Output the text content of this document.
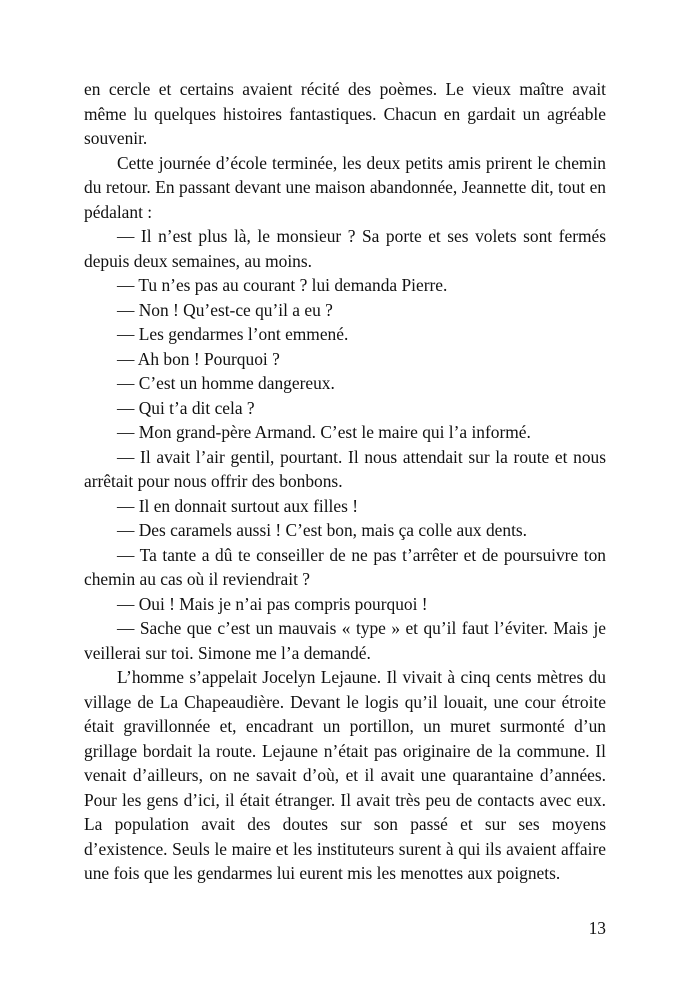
en cercle et certains avaient récité des poèmes. Le vieux maître avait même lu quelques histoires fantastiques. Chacun en gardait un agréable souvenir.

Cette journée d’école terminée, les deux petits amis prirent le chemin du retour. En passant devant une maison abandonnée, Jeannette dit, tout en pédalant :

— Il n’est plus là, le monsieur ? Sa porte et ses volets sont fermés depuis deux semaines, au moins.

— Tu n’es pas au courant ? lui demanda Pierre.

— Non ! Qu’est-ce qu’il a eu ?

— Les gendarmes l’ont emmené.

— Ah bon ! Pourquoi ?

— C’est un homme dangereux.

— Qui t’a dit cela ?

— Mon grand-père Armand. C’est le maire qui l’a informé.

— Il avait l’air gentil, pourtant. Il nous attendait sur la route et nous arrêtait pour nous offrir des bonbons.

— Il en donnait surtout aux filles !

— Des caramels aussi ! C’est bon, mais ça colle aux dents.

— Ta tante a dû te conseiller de ne pas t’arrêter et de poursuivre ton chemin au cas où il reviendrait ?

— Oui ! Mais je n’ai pas compris pourquoi !

— Sache que c’est un mauvais « type » et qu’il faut l’éviter. Mais je veillerai sur toi. Simone me l’a demandé.

L’homme s’appelait Jocelyn Lejaune. Il vivait à cinq cents mètres du village de La Chapeaudière. Devant le logis qu’il louait, une cour étroite était gravillonnée et, encadrant un portillon, un muret surmonté d’un grillage bordait la route. Lejaune n’était pas originaire de la commune. Il venait d’ailleurs, on ne savait d’où, et il avait une quarantaine d’années. Pour les gens d’ici, il était étranger. Il avait très peu de contacts avec eux. La population avait des doutes sur son passé et sur ses moyens d’existence. Seuls le maire et les instituteurs surent à qui ils avaient affaire une fois que les gendarmes lui eurent mis les menottes aux poignets.

13
